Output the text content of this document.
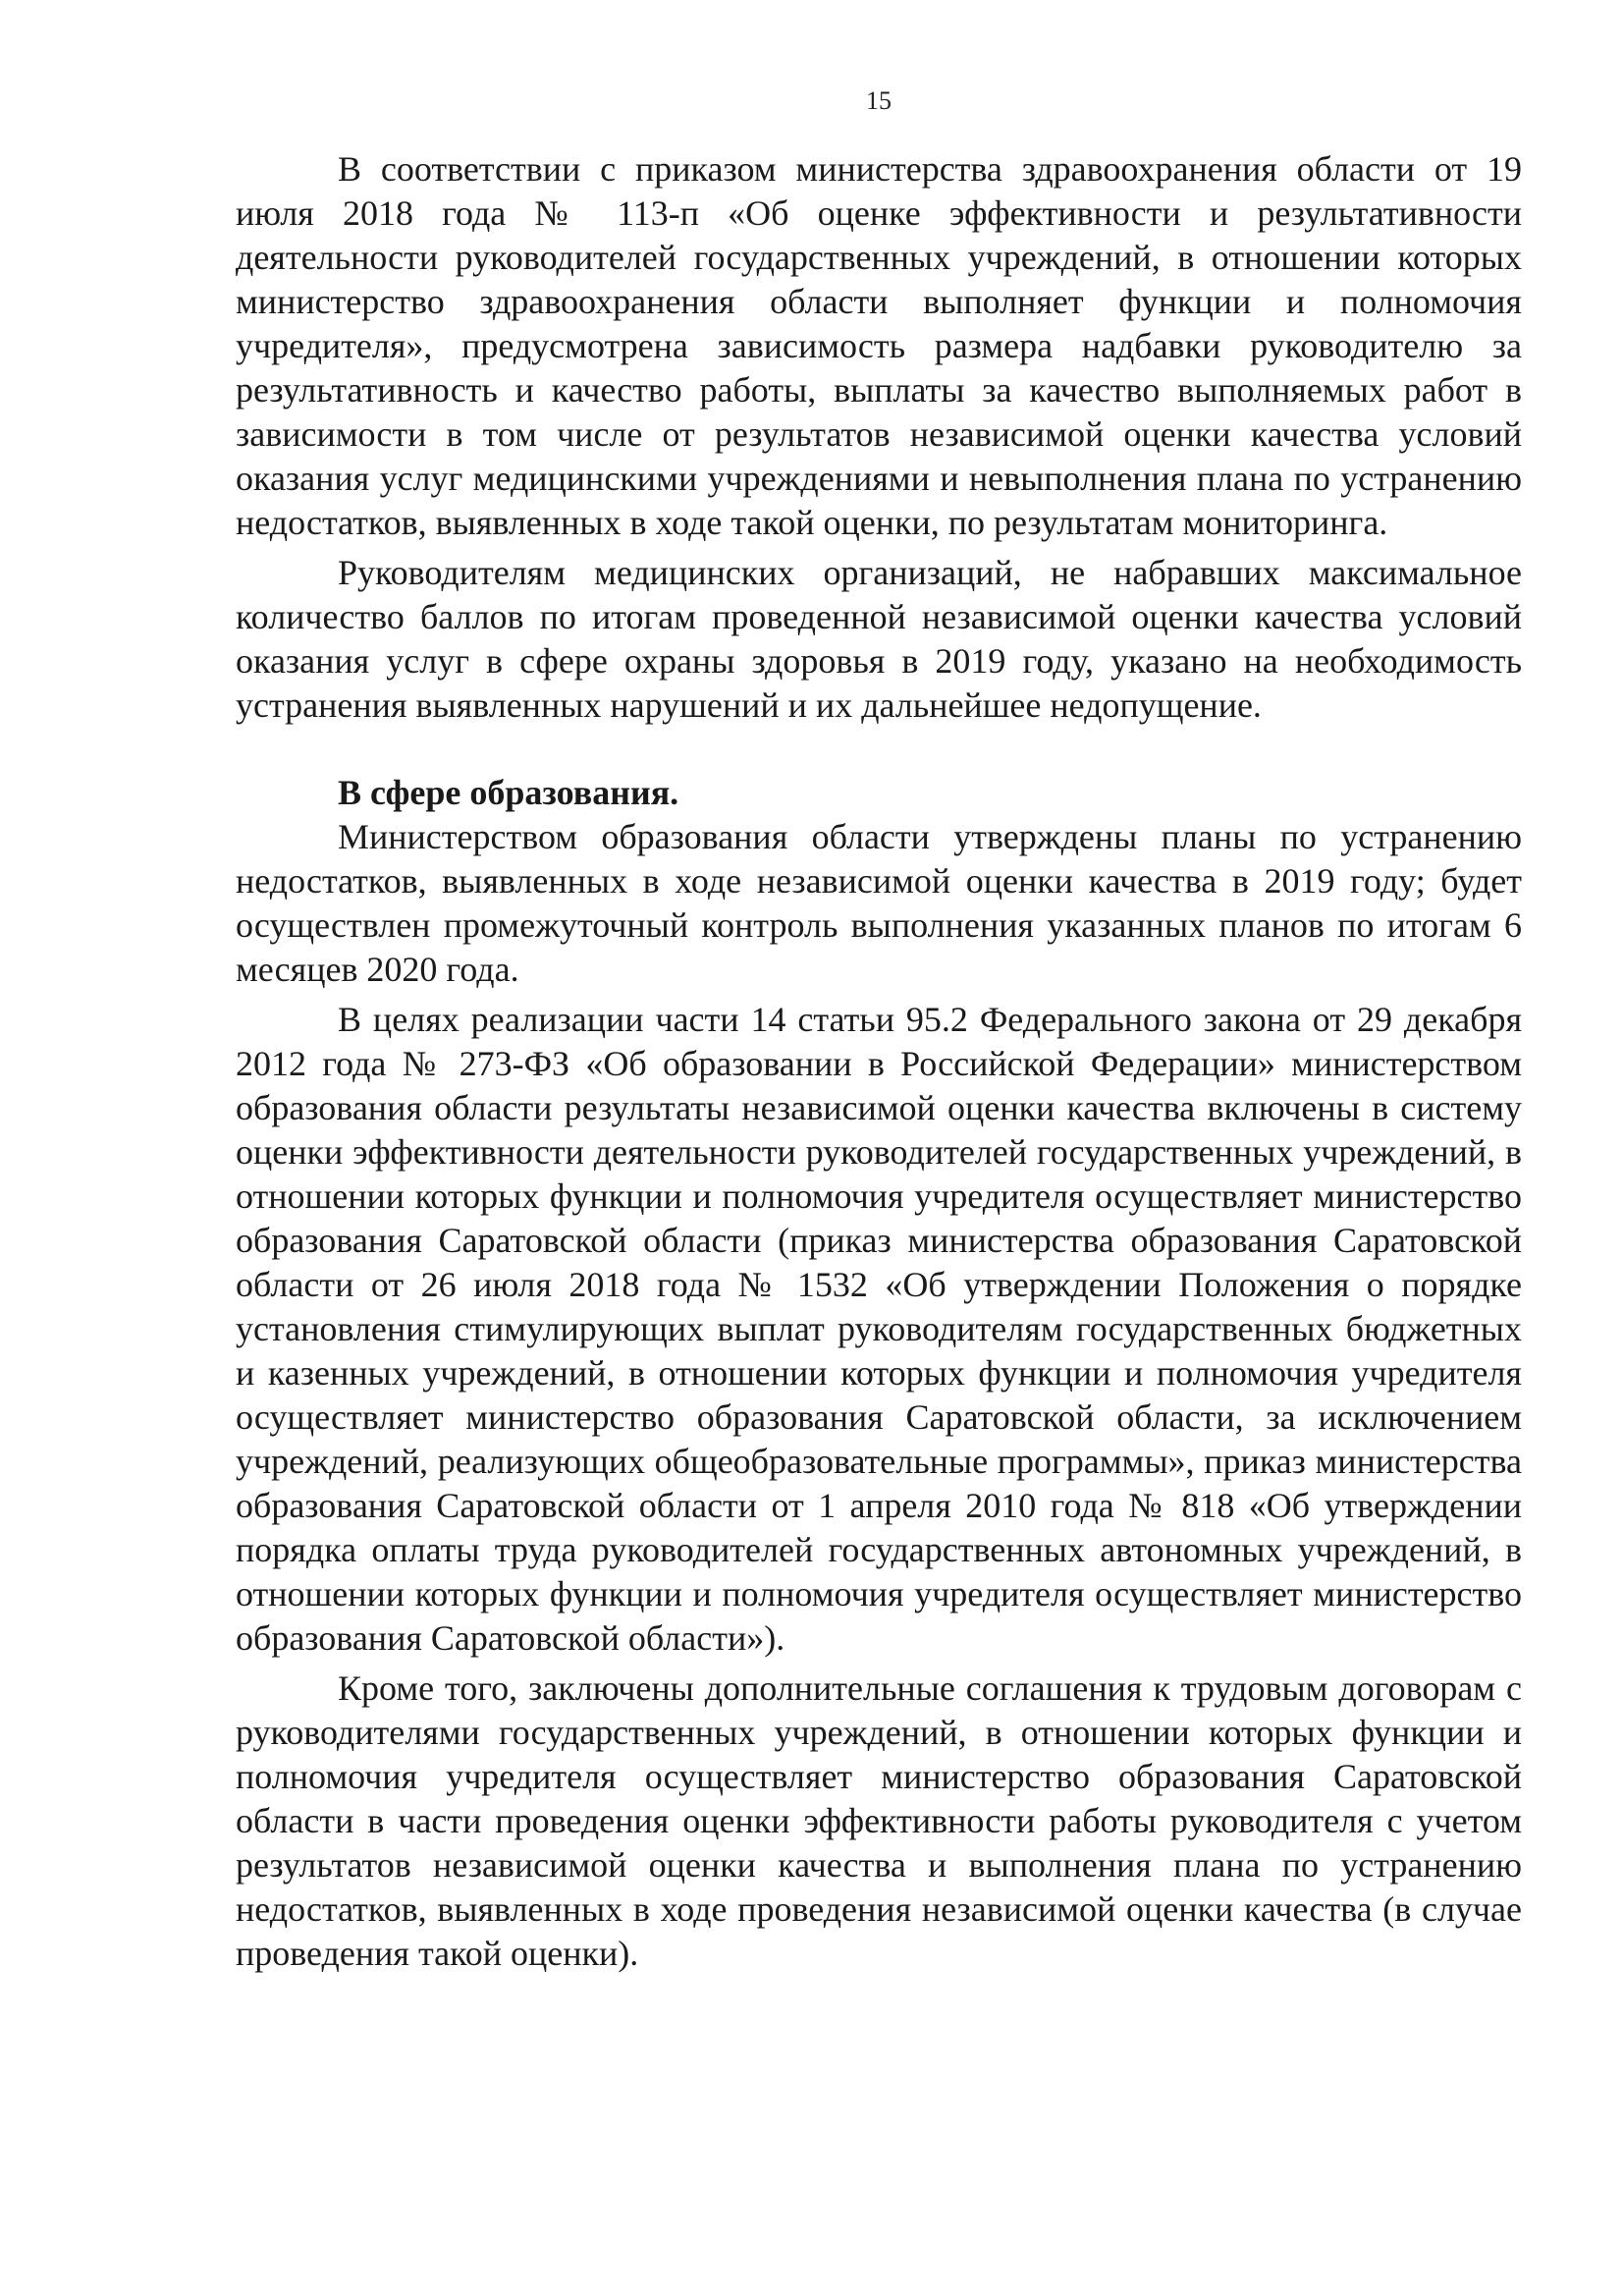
15

В соответствии с приказом министерства здравоохранения области от 19 июля 2018 года № 113-п «Об оценке эффективности и результативности деятельности руководителей государственных учреждений, в отношении которых министерство здравоохранения области выполняет функции и полномочия учредителя», предусмотрена зависимость размера надбавки руководителю за результативность и качество работы, выплаты за качество выполняемых работ в зависимости в том числе от результатов независимой оценки качества условий оказания услуг медицинскими учреждениями и невыполнения плана по устранению недостатков, выявленных в ходе такой оценки, по результатам мониторинга.

Руководителям медицинских организаций, не набравших максимальное количество баллов по итогам проведенной независимой оценки качества условий оказания услуг в сфере охраны здоровья в 2019 году, указано на необходимость устранения выявленных нарушений и их дальнейшее недопущение.

В сфере образования.

Министерством образования области утверждены планы по устранению недостатков, выявленных в ходе независимой оценки качества в 2019 году; будет осуществлен промежуточный контроль выполнения указанных планов по итогам 6 месяцев 2020 года.

В целях реализации части 14 статьи 95.2 Федерального закона от 29 декабря 2012 года № 273-ФЗ «Об образовании в Российской Федерации» министерством образования области результаты независимой оценки качества включены в систему оценки эффективности деятельности руководителей государственных учреждений, в отношении которых функции и полномочия учредителя осуществляет министерство образования Саратовской области (приказ министерства образования Саратовской области от 26 июля 2018 года № 1532 «Об утверждении Положения о порядке установления стимулирующих выплат руководителям государственных бюджетных и казенных учреждений, в отношении которых функции и полномочия учредителя осуществляет министерство образования Саратовской области, за исключением учреждений, реализующих общеобразовательные программы», приказ министерства образования Саратовской области от 1 апреля 2010 года № 818 «Об утверждении порядка оплаты труда руководителей государственных автономных учреждений, в отношении которых функции и полномочия учредителя осуществляет министерство образования Саратовской области»).

Кроме того, заключены дополнительные соглашения к трудовым договорам с руководителями государственных учреждений, в отношении которых функции и полномочия учредителя осуществляет министерство образования Саратовской области в части проведения оценки эффективности работы руководителя с учетом результатов независимой оценки качества и выполнения плана по устранению недостатков, выявленных в ходе проведения независимой оценки качества (в случае проведения такой оценки).
